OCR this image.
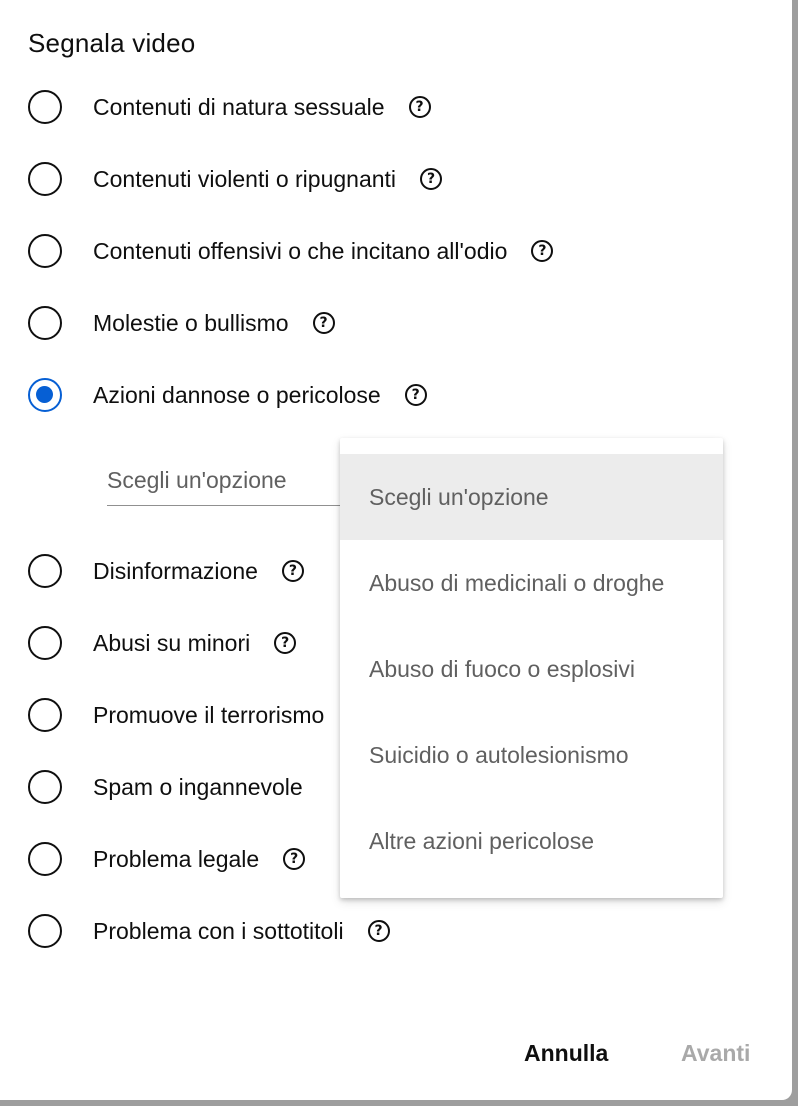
Segnala video
Contenuti di natura sessuale	?
Contenuti violenti o ripugnanti	?
Contenuti offensivi o che incitano all'odio	?
Molestie o bullismo	?
Azioni dannose o pericolose	?
Scegli un'opzione
Disinformazione	?
Abusi su minori	?
Promuove il terrorismo
Spam o ingannevole
Problema legale	?
Problema con i sottotitoli	?
Scegli un'opzione
Abuso di medicinali o droghe
Abuso di fuoco o esplosivi
Suicidio o autolesionismo
Altre azioni pericolose
Annulla	Avanti
